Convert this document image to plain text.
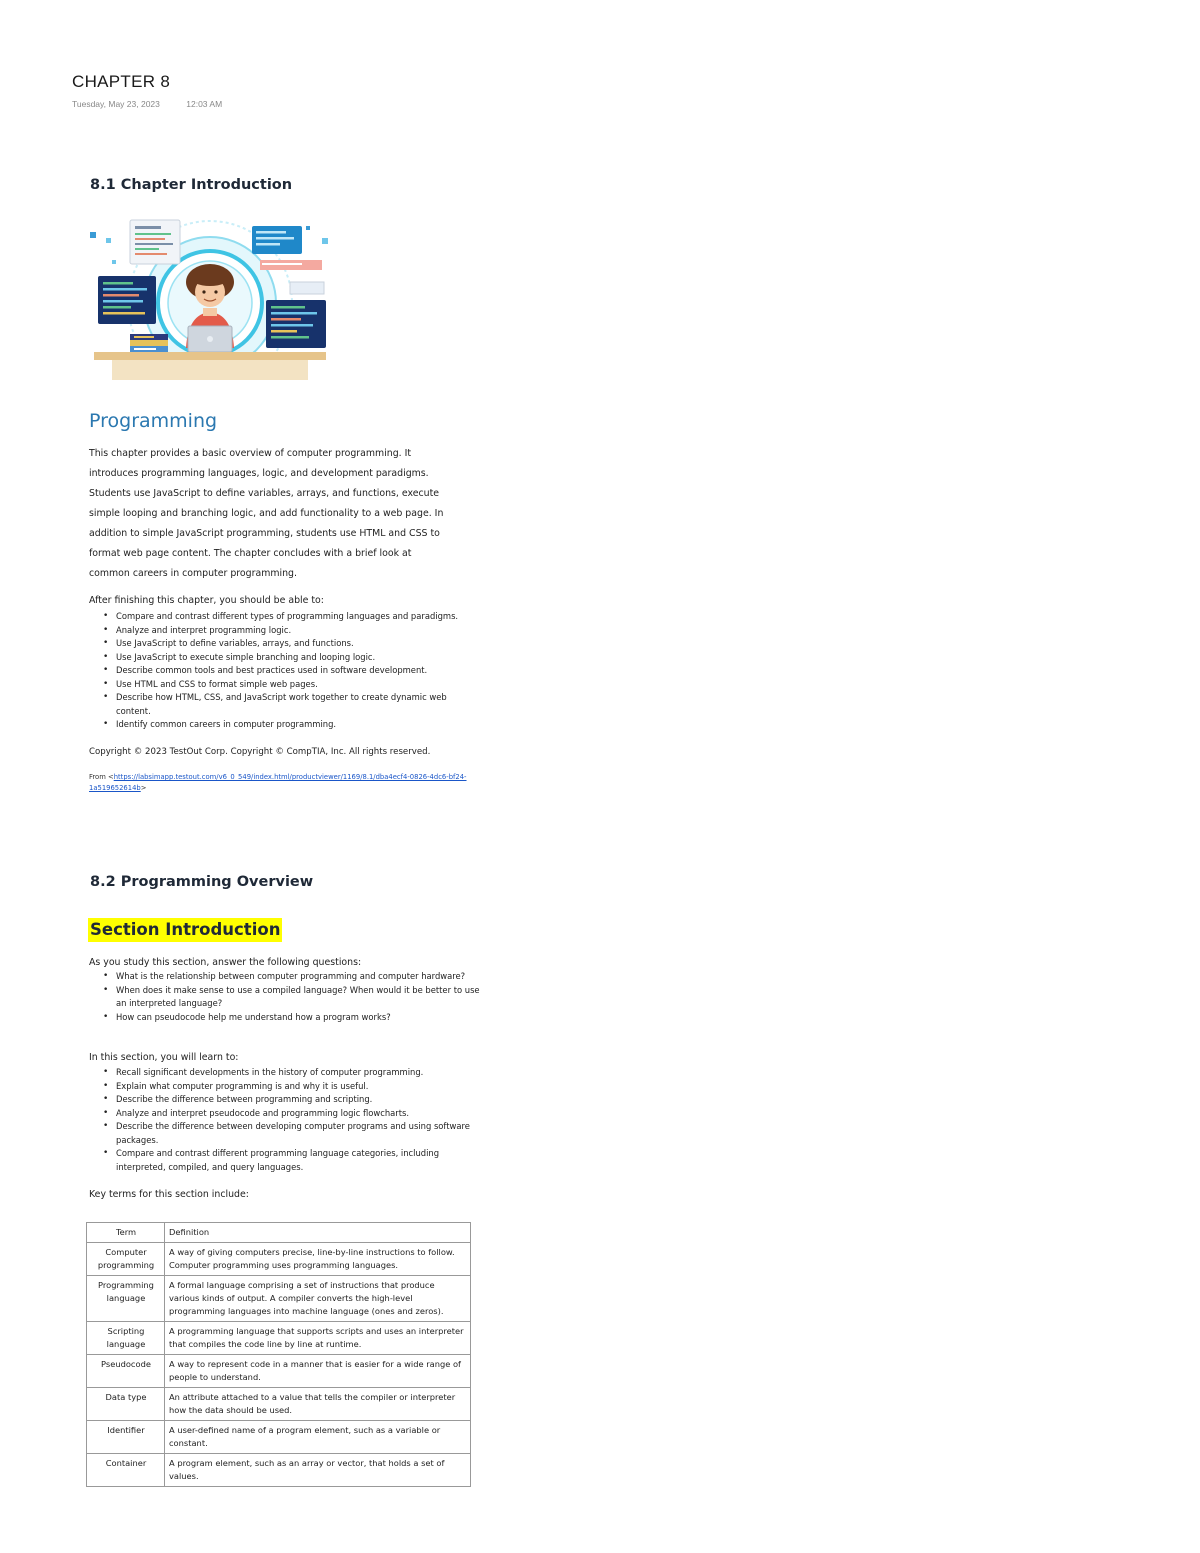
CHAPTER 8
Tuesday, May 23, 2023	12:03 AM
8.1 Chapter Introduction
Programming
This chapter provides a basic overview of computer programming. It
introduces programming languages, logic, and development paradigms.
Students use JavaScript to define variables, arrays, and functions, execute
simple looping and branching logic, and add functionality to a web page. In
addition to simple JavaScript programming, students use HTML and CSS to
format web page content. The chapter concludes with a brief look at
common careers in computer programming.
After finishing this chapter, you should be able to:
• Compare and contrast different types of programming languages and paradigms.
• Analyze and interpret programming logic.
• Use JavaScript to define variables, arrays, and functions.
• Use JavaScript to execute simple branching and looping logic.
• Describe common tools and best practices used in software development.
• Use HTML and CSS to format simple web pages.
• Describe how HTML, CSS, and JavaScript work together to create dynamic web content.
• Identify common careers in computer programming.
Copyright © 2023 TestOut Corp. Copyright © CompTIA, Inc. All rights reserved.
From <https://labsimapp.testout.com/v6_0_549/index.html/productviewer/1169/8.1/dba4ecf4-0826-4dc6-bf24-1a519652614b>
8.2 Programming Overview
Section Introduction
As you study this section, answer the following questions:
• What is the relationship between computer programming and computer hardware?
• When does it make sense to use a compiled language? When would it be better to use an interpreted language?
• How can pseudocode help me understand how a program works?
In this section, you will learn to:
• Recall significant developments in the history of computer programming.
• Explain what computer programming is and why it is useful.
• Describe the difference between programming and scripting.
• Analyze and interpret pseudocode and programming logic flowcharts.
• Describe the difference between developing computer programs and using software packages.
• Compare and contrast different programming language categories, including interpreted, compiled, and query languages.
Key terms for this section include:
Term	Definition
Computer programming	A way of giving computers precise, line-by-line instructions to follow. Computer programming uses programming languages.
Programming language	A formal language comprising a set of instructions that produce various kinds of output. A compiler converts the high-level programming languages into machine language (ones and zeros).
Scripting language	A programming language that supports scripts and uses an interpreter that compiles the code line by line at runtime.
Pseudocode	A way to represent code in a manner that is easier for a wide range of people to understand.
Data type	An attribute attached to a value that tells the compiler or interpreter how the data should be used.
Identifier	A user-defined name of a program element, such as a variable or constant.
Container	A program element, such as an array or vector, that holds a set of values.
